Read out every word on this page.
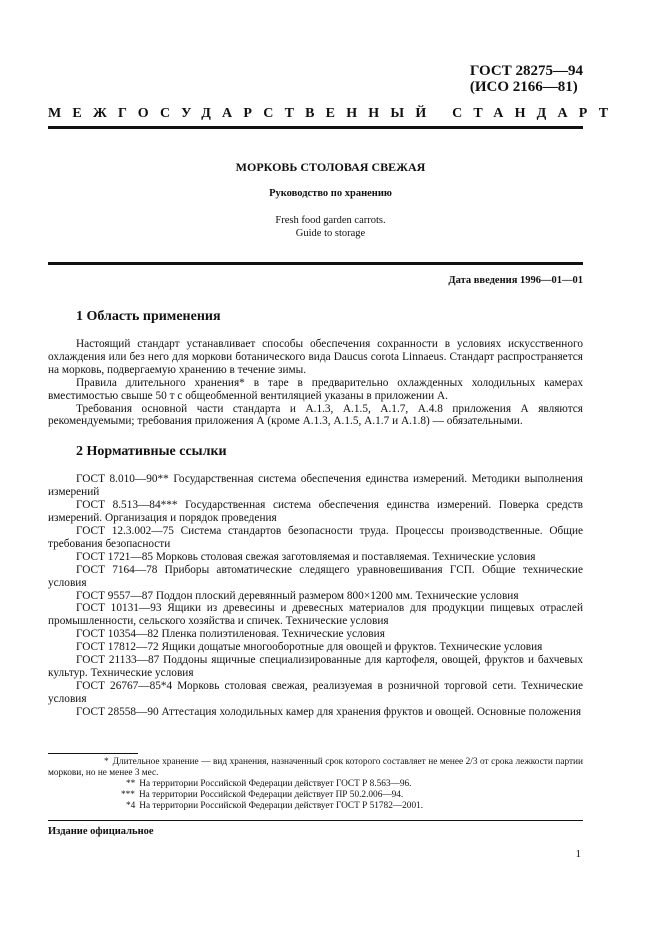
ГОСТ 28275—94
(ИСО 2166—81)
МЕЖГОСУДАРСТВЕННЫЙ СТАНДАРТ
МОРКОВЬ СТОЛОВАЯ СВЕЖАЯ
Руководство по хранению
Fresh food garden carrots.
Guide to storage
Дата введения 1996—01—01
1 Область применения

Настоящий стандарт устанавливает способы обеспечения сохранности в условиях искусственного охлаждения или без него для моркови ботанического вида Daucus corota Linnaeus. Стандарт распространяется на морковь, подвергаемую хранению в течение зимы.

Правила длительного хранения* в таре в предварительно охлажденных холодильных камерах вместимостью свыше 50 т с общеобменной вентиляцией указаны в приложении А.

Требования основной части стандарта и А.1.3, А.1.5, А.1.7, А.4.8 приложения А являются рекомендуемыми; требования приложения А (кроме А.1.3, А.1.5, А.1.7 и А.1.8) — обязательными.

2 Нормативные ссылки

ГОСТ 8.010—90** Государственная система обеспечения единства измерений. Методики выполнения измерений

ГОСТ 8.513—84*** Государственная система обеспечения единства измерений. Поверка средств измерений. Организация и порядок проведения

ГОСТ 12.3.002—75 Система стандартов безопасности труда. Процессы производственные. Общие требования безопасности

ГОСТ 1721—85 Морковь столовая свежая заготовляемая и поставляемая. Технические условия

ГОСТ 7164—78 Приборы автоматические следящего уравновешивания ГСП. Общие технические условия

ГОСТ 9557—87 Поддон плоский деревянный размером 800×1200 мм. Технические условия

ГОСТ 10131—93 Ящики из древесины и древесных материалов для продукции пищевых отраслей промышленности, сельского хозяйства и спичек. Технические условия

ГОСТ 10354—82 Пленка полиэтиленовая. Технические условия

ГОСТ 17812—72 Ящики дощатые многооборотные для овощей и фруктов. Технические условия

ГОСТ 21133—87 Поддоны ящичные специализированные для картофеля, овощей, фруктов и бахчевых культур. Технические условия

ГОСТ 26767—85*4 Морковь столовая свежая, реализуемая в розничной торговой сети. Технические условия

ГОСТ 28558—90 Аттестация холодильных камер для хранения фруктов и овощей. Основные положения

* Длительное хранение — вид хранения, назначенный срок которого составляет не менее 2/3 от срока лежкости партии моркови, но не менее 3 мес.

** На территории Российской Федерации действует ГОСТ Р 8.563—96.

*** На территории Российской Федерации действует ПР 50.2.006—94.

*4 На территории Российской Федерации действует ГОСТ Р 51782—2001.

Издание официальное
1
